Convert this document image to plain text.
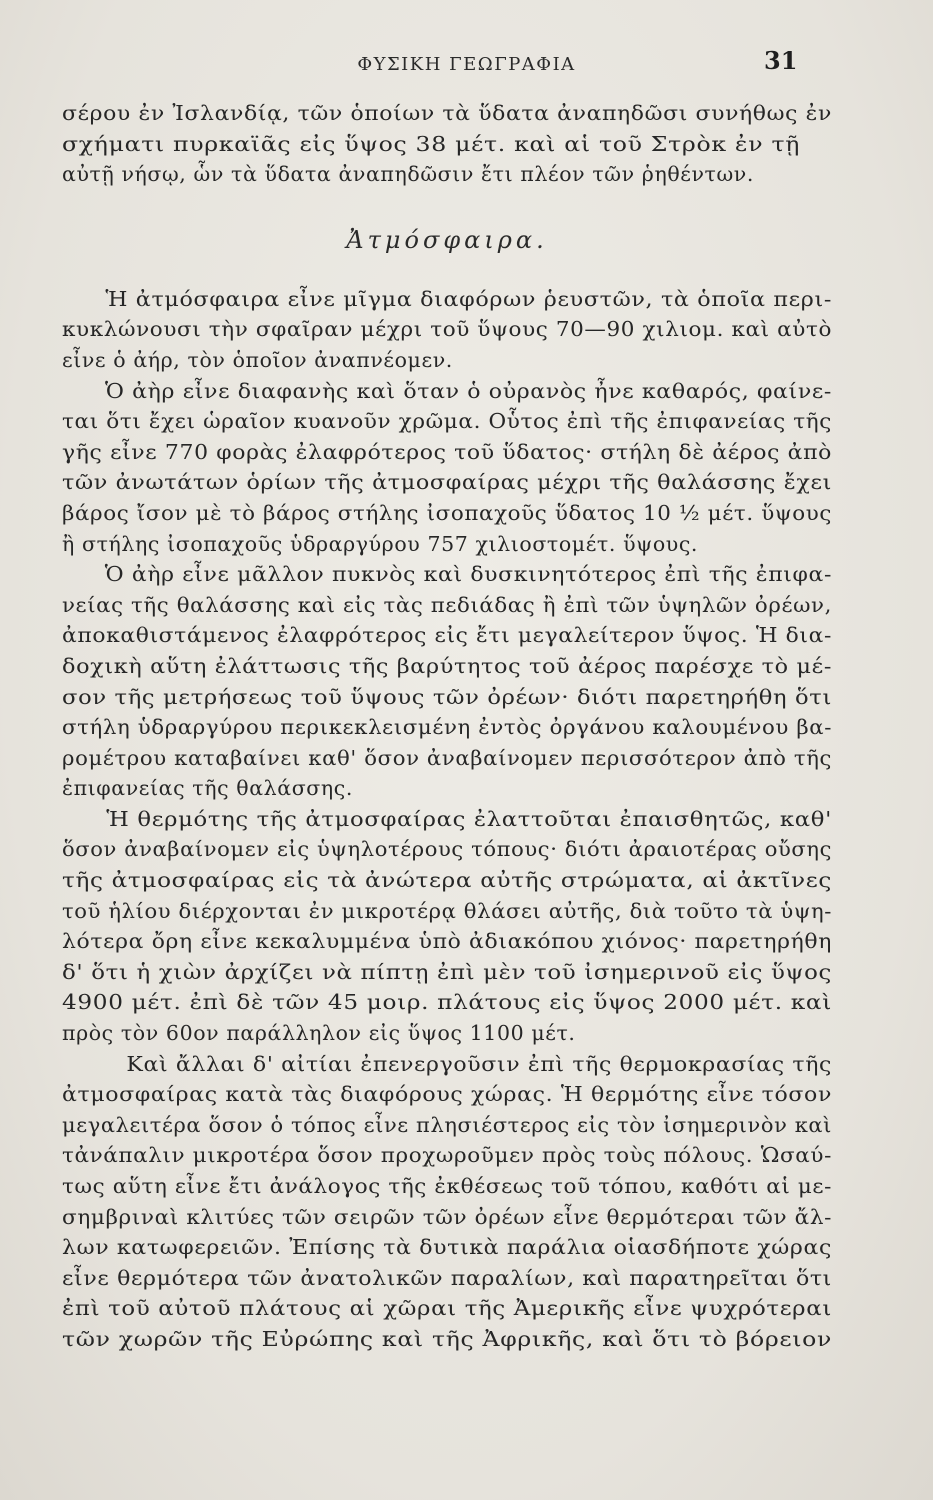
ΦΥΣΙΚΗ ΓΕΩΓΡΑΦΙΑ	31
σέρου ἐν Ἰσλανδίᾳ, τῶν ὁποίων τὰ ὕδατα ἀναπηδῶσι συνήθως ἐν
σχήματι πυρκαϊᾶς εἰς ὕψος 38 μέτ. καὶ αἱ τοῦ Στρὸκ ἐν τῇ
αὐτῇ νήσῳ, ὧν τὰ ὕδατα ἀναπηδῶσιν ἔτι πλέον τῶν ῥηθέντων.
Ἀτμόσφαιρα.
Ἡ ἀτμόσφαιρα εἶνε μῖγμα διαφόρων ῥευστῶν, τὰ ὁποῖα περι-
κυκλώνουσι τὴν σφαῖραν μέχρι τοῦ ὕψους 70—90 χιλιομ. καὶ αὐτὸ
εἶνε ὁ ἀήρ, τὸν ὁποῖον ἀναπνέομεν.
Ὁ ἀὴρ εἶνε διαφανὴς καὶ ὅταν ὁ οὐρανὸς ἦνε καθαρός, φαίνε-
ται ὅτι ἔχει ὡραῖον κυανοῦν χρῶμα. Οὗτος ἐπὶ τῆς ἐπιφανείας τῆς
γῆς εἶνε 770 φορὰς ἐλαφρότερος τοῦ ὕδατος· στήλη δὲ ἀέρος ἀπὸ
τῶν ἀνωτάτων ὁρίων τῆς ἀτμοσφαίρας μέχρι τῆς θαλάσσης ἔχει
βάρος ἴσον μὲ τὸ βάρος στήλης ἰσοπαχοῦς ὕδατος 10 ½ μέτ. ὕψους
ἢ στήλης ἰσοπαχοῦς ὑδραργύρου 757 χιλιοστομέτ. ὕψους.
Ὁ ἀὴρ εἶνε μᾶλλον πυκνὸς καὶ δυσκινητότερος ἐπὶ τῆς ἐπιφα-
νείας τῆς θαλάσσης καὶ εἰς τὰς πεδιάδας ἢ ἐπὶ τῶν ὑψηλῶν ὀρέων,
ἀποκαθιστάμενος ἐλαφρότερος εἰς ἔτι μεγαλείτερον ὕψος. Ἡ δια-
δοχικὴ αὕτη ἐλάττωσις τῆς βαρύτητος τοῦ ἀέρος παρέσχε τὸ μέ-
σον τῆς μετρήσεως τοῦ ὕψους τῶν ὀρέων· διότι παρετηρήθη ὅτι
στήλη ὑδραργύρου περικεκλεισμένη ἐντὸς ὀργάνου καλουμένου βα-
ρομέτρου καταβαίνει καθ' ὅσον ἀναβαίνομεν περισσότερον ἀπὸ τῆς
ἐπιφανείας τῆς θαλάσσης.
Ἡ θερμότης τῆς ἀτμοσφαίρας ἐλαττοῦται ἐπαισθητῶς, καθ'
ὅσον ἀναβαίνομεν εἰς ὑψηλοτέρους τόπους· διότι ἀραιοτέρας οὔσης
τῆς ἀτμοσφαίρας εἰς τὰ ἀνώτερα αὐτῆς στρώματα, αἱ ἀκτῖνες
τοῦ ἡλίου διέρχονται ἐν μικροτέρᾳ θλάσει αὐτῆς, διὰ τοῦτο τὰ ὑψη-
λότερα ὄρη εἶνε κεκαλυμμένα ὑπὸ ἀδιακόπου χιόνος· παρετηρήθη
δ' ὅτι ἡ χιὼν ἀρχίζει νὰ πίπτῃ ἐπὶ μὲν τοῦ ἰσημερινοῦ εἰς ὕψος
4900 μέτ. ἐπὶ δὲ τῶν 45 μοιρ. πλάτους εἰς ὕψος 2000 μέτ. καὶ
πρὸς τὸν 60ον παράλληλον εἰς ὕψος 1100 μέτ.
Καὶ ἄλλαι δ' αἰτίαι ἐπενεργοῦσιν ἐπὶ τῆς θερμοκρασίας τῆς
ἀτμοσφαίρας κατὰ τὰς διαφόρους χώρας. Ἡ θερμότης εἶνε τόσον
μεγαλειτέρα ὅσον ὁ τόπος εἶνε πλησιέστερος εἰς τὸν ἰσημερινὸν καὶ
τἀνάπαλιν μικροτέρα ὅσον προχωροῦμεν πρὸς τοὺς πόλους. Ὡσαύ-
τως αὕτη εἶνε ἔτι ἀνάλογος τῆς ἐκθέσεως τοῦ τόπου, καθότι αἱ με-
σημβριναὶ κλιτύες τῶν σειρῶν τῶν ὀρέων εἶνε θερμότεραι τῶν ἄλ-
λων κατωφερειῶν. Ἐπίσης τὰ δυτικὰ παράλια οἱασδήποτε χώρας
εἶνε θερμότερα τῶν ἀνατολικῶν παραλίων, καὶ παρατηρεῖται ὅτι
ἐπὶ τοῦ αὐτοῦ πλάτους αἱ χῶραι τῆς Ἀμερικῆς εἶνε ψυχρότεραι
τῶν χωρῶν τῆς Εὐρώπης καὶ τῆς Ἀφρικῆς, καὶ ὅτι τὸ βόρειον
